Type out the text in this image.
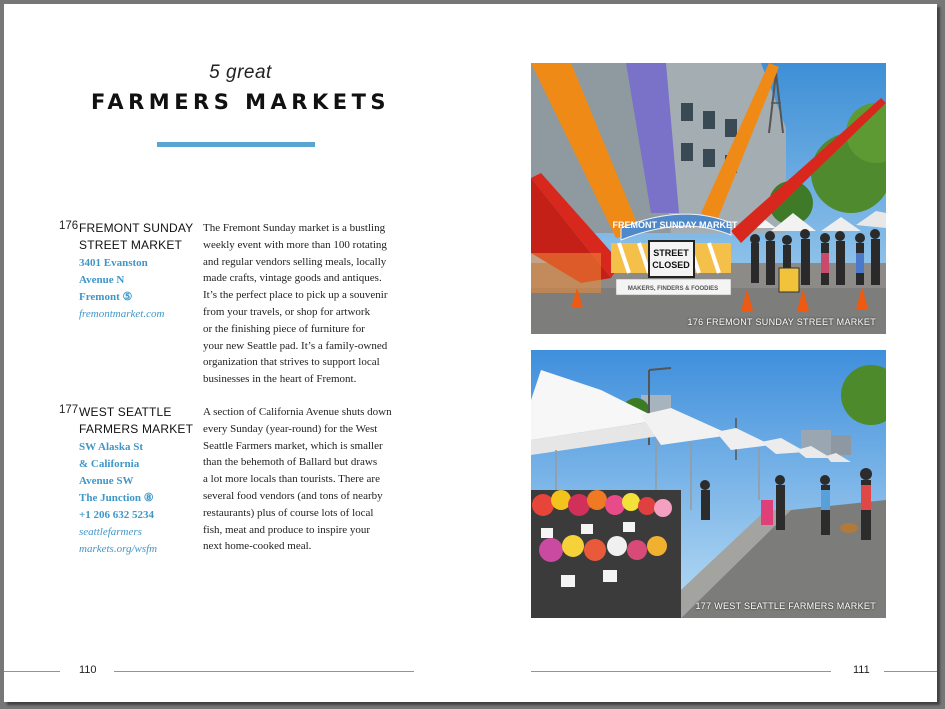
5 great
FARMERS MARKETS
176 FREMONT SUNDAY
STREET MARKET
3401 Evanston
Avenue N
Fremont ⑤
fremontmarket.com
The Fremont Sunday market is a bustling
weekly event with more than 100 rotating
and regular vendors selling meals, locally
made crafts, vintage goods and antiques.
It’s the perfect place to pick up a souvenir
from your travels, or shop for artwork
or the finishing piece of furniture for
your new Seattle pad. It’s a family-owned
organization that strives to support local
businesses in the heart of Fremont.
177 WEST SEATTLE
FARMERS MARKET
SW Alaska St
& California
Avenue SW
The Junction ⑧
+1 206 632 5234
seattlefarmers
markets.org/wsfm
A section of California Avenue shuts down
every Sunday (year-round) for the West
Seattle Farmers market, which is smaller
than the behemoth of Ballard but draws
a lot more locals than tourists. There are
several food vendors (and tons of nearby
restaurants) plus of course lots of local
fish, meat and produce to inspire your
next home-cooked meal.
FREMONT SUNDAY MARKET
STREET
CLOSED
MAKERS, FINDERS & FOODIES
176 FREMONT SUNDAY STREET MARKET
177 WEST SEATTLE FARMERS MARKET
110	111
